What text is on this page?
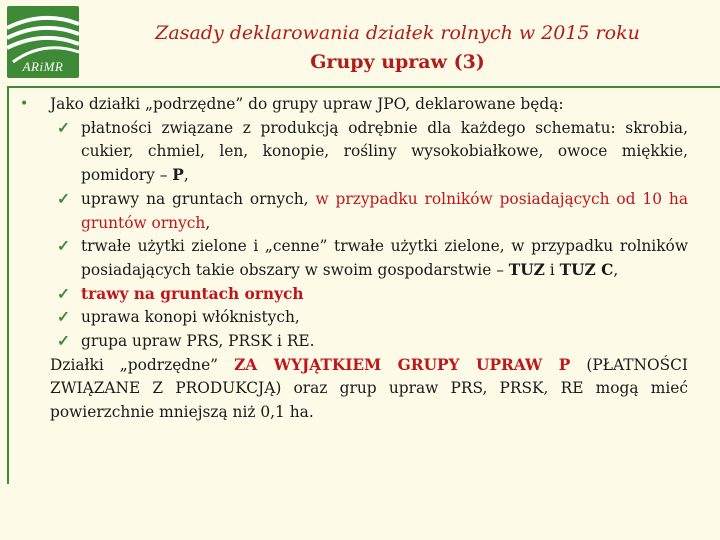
ARiMR
Zasady deklarowania działek rolnych w 2015 roku
Grupy upraw (3)
• Jako działki „podrzędne” do grupy upraw JPO, deklarowane będą:
✓ płatności związane z produkcją odrębnie dla każdego schematu: skrobia, cukier, chmiel, len, konopie, rośliny wysokobiałkowe, owoce miękkie, pomidory – P,
✓ uprawy na gruntach ornych, w przypadku rolników posiadających od 10 ha gruntów ornych,
✓ trwałe użytki zielone i „cenne” trwałe użytki zielone, w przypadku rolników posiadających takie obszary w swoim gospodarstwie – TUZ i TUZ C,
✓ trawy na gruntach ornych
✓ uprawa konopi włóknistych,
✓ grupa upraw PRS, PRSK i RE.
Działki „podrzędne” ZA WYJĄTKIEM GRUPY UPRAW P (PŁATNOŚCI ZWIĄZANE Z PRODUKCJĄ) oraz grup upraw PRS, PRSK, RE mogą mieć powierzchnie mniejszą niż 0,1 ha.
